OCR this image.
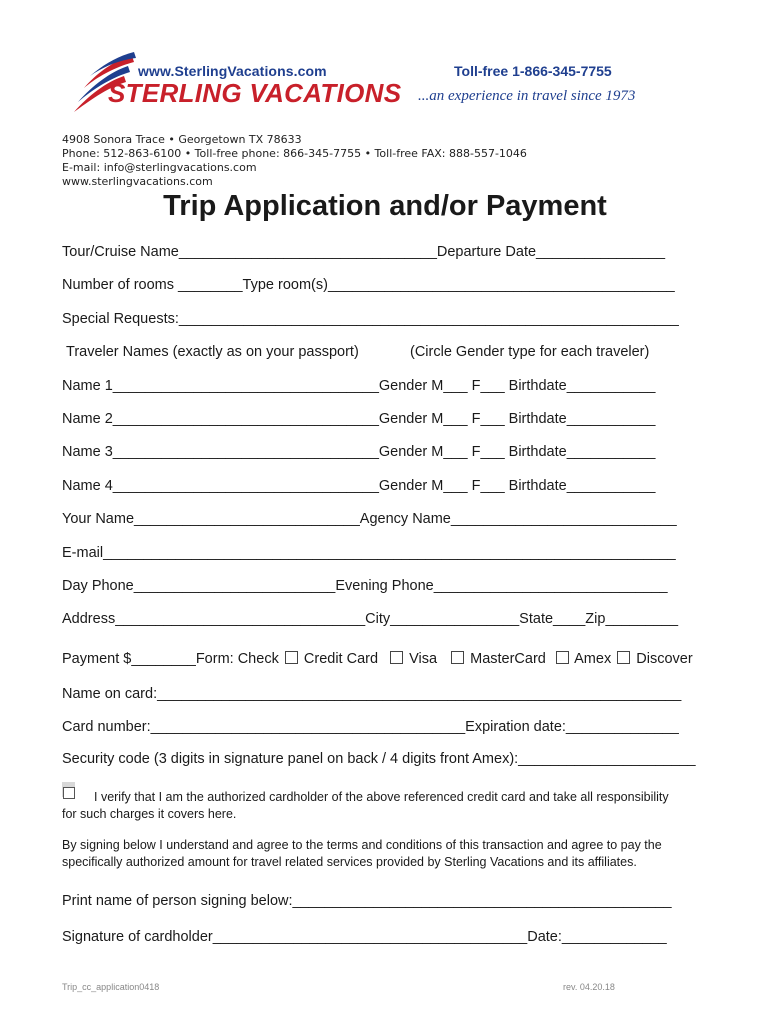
www.SterlingVacations.com	Toll-free 1-866-345-7755
STERLING VACATIONS ...an experience in travel since 1973
4908 Sonora Trace • Georgetown TX 78633
Phone: 512-863-6100 • Toll-free phone: 866-345-7755 • Toll-free FAX: 888-557-1046
E-mail: info@sterlingvacations.com
www.sterlingvacations.com
Trip Application and/or Payment
Tour/Cruise Name________________________________Departure Date________________
Number of rooms ________Type room(s)___________________________________________
Special Requests:______________________________________________________________
Traveler Names (exactly as on your passport)	(Circle Gender type for each traveler)
Name 1_________________________________Gender M___ F___ Birthdate___________
Name 2_________________________________Gender M___ F___ Birthdate___________
Name 3_________________________________Gender M___ F___ Birthdate___________
Name 4_________________________________Gender M___ F___ Birthdate___________
Your Name____________________________Agency Name____________________________
E-mail_______________________________________________________________________
Day Phone_________________________Evening Phone_____________________________
Address_______________________________City________________State____Zip_________
Payment $________Form: Check Credit Card Visa MasterCard Amex Discover
Name on card:_________________________________________________________________
Card number:_______________________________________Expiration date:______________
Security code (3 digits in signature panel on back / 4 digits front Amex):______________________
I verify that I am the authorized cardholder of the above referenced credit card and take all responsibility
for such charges it covers here.
By signing below I understand and agree to the terms and conditions of this transaction and agree to pay the
specifically authorized amount for travel related services provided by Sterling Vacations and its affiliates.
Print name of person signing below:_______________________________________________
Signature of cardholder_______________________________________Date:_____________
Trip_cc_application0418	rev. 04.20.18
